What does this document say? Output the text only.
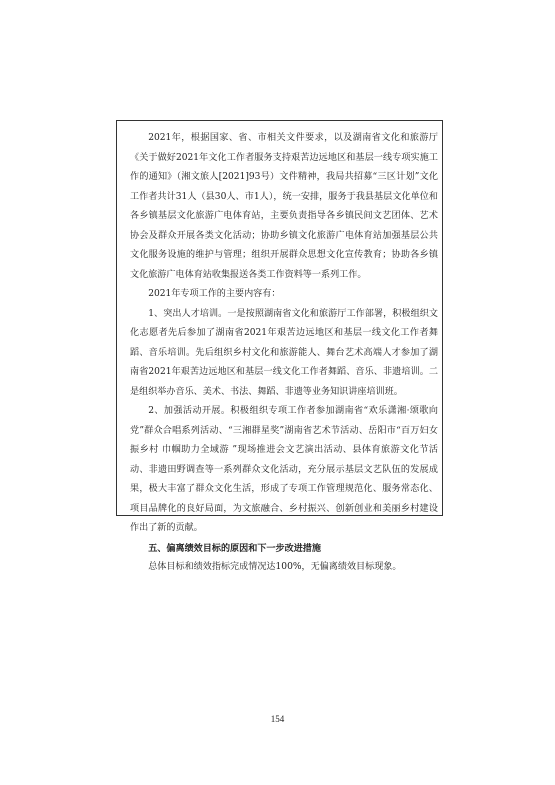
2021年，根据国家、省、市相关文件要求，以及湖南省文化和旅游厅《关于做好2021年文化工作者服务支持艰苦边远地区和基层一线专项实施工作的通知》（湘文旅人[2021]93号）文件精神，我局共招募“三区计划”文化工作者共计31人（县30人、市1人），统一安排，服务于我县基层文化单位和各乡镇基层文化旅游广电体育站，主要负责指导各乡镇民间文艺团体、艺术协会及群众开展各类文化活动；协助乡镇文化旅游广电体育站加强基层公共文化服务设施的维护与管理；组织开展群众思想文化宣传教育；协助各乡镇文化旅游广电体育站收集报送各类工作资料等一系列工作。

2021年专项工作的主要内容有：

1、突出人才培训。一是按照湖南省文化和旅游厅工作部署，积极组织文化志愿者先后参加了湖南省2021年艰苦边远地区和基层一线文化工作者舞蹈、音乐培训。先后组织乡村文化和旅游能人、舞台艺术高端人才参加了湖南省2021年艰苦边远地区和基层一线文化工作者舞蹈、音乐、非遗培训。二是组织举办音乐、美术、书法、舞蹈、非遗等业务知识讲座培训班。

2、加强活动开展。积极组织专项工作者参加湖南省“欢乐潇湘·颂歌向党”群众合唱系列活动、“三湘群星奖”湖南省艺术节活动、岳阳市“百万妇女振乡村 巾帼助力全域游 ”现场推进会文艺演出活动、县体育旅游文化节活动、非遗田野调查等一系列群众文化活动，充分展示基层文艺队伍的发展成果，极大丰富了群众文化生活，形成了专项工作管理规范化、服务常态化、项目品牌化的良好局面，为文旅融合、乡村振兴、创新创业和美丽乡村建设作出了新的贡献。

五、偏离绩效目标的原因和下一步改进措施

总体目标和绩效指标完成情况达100%，无偏离绩效目标现象。

154
